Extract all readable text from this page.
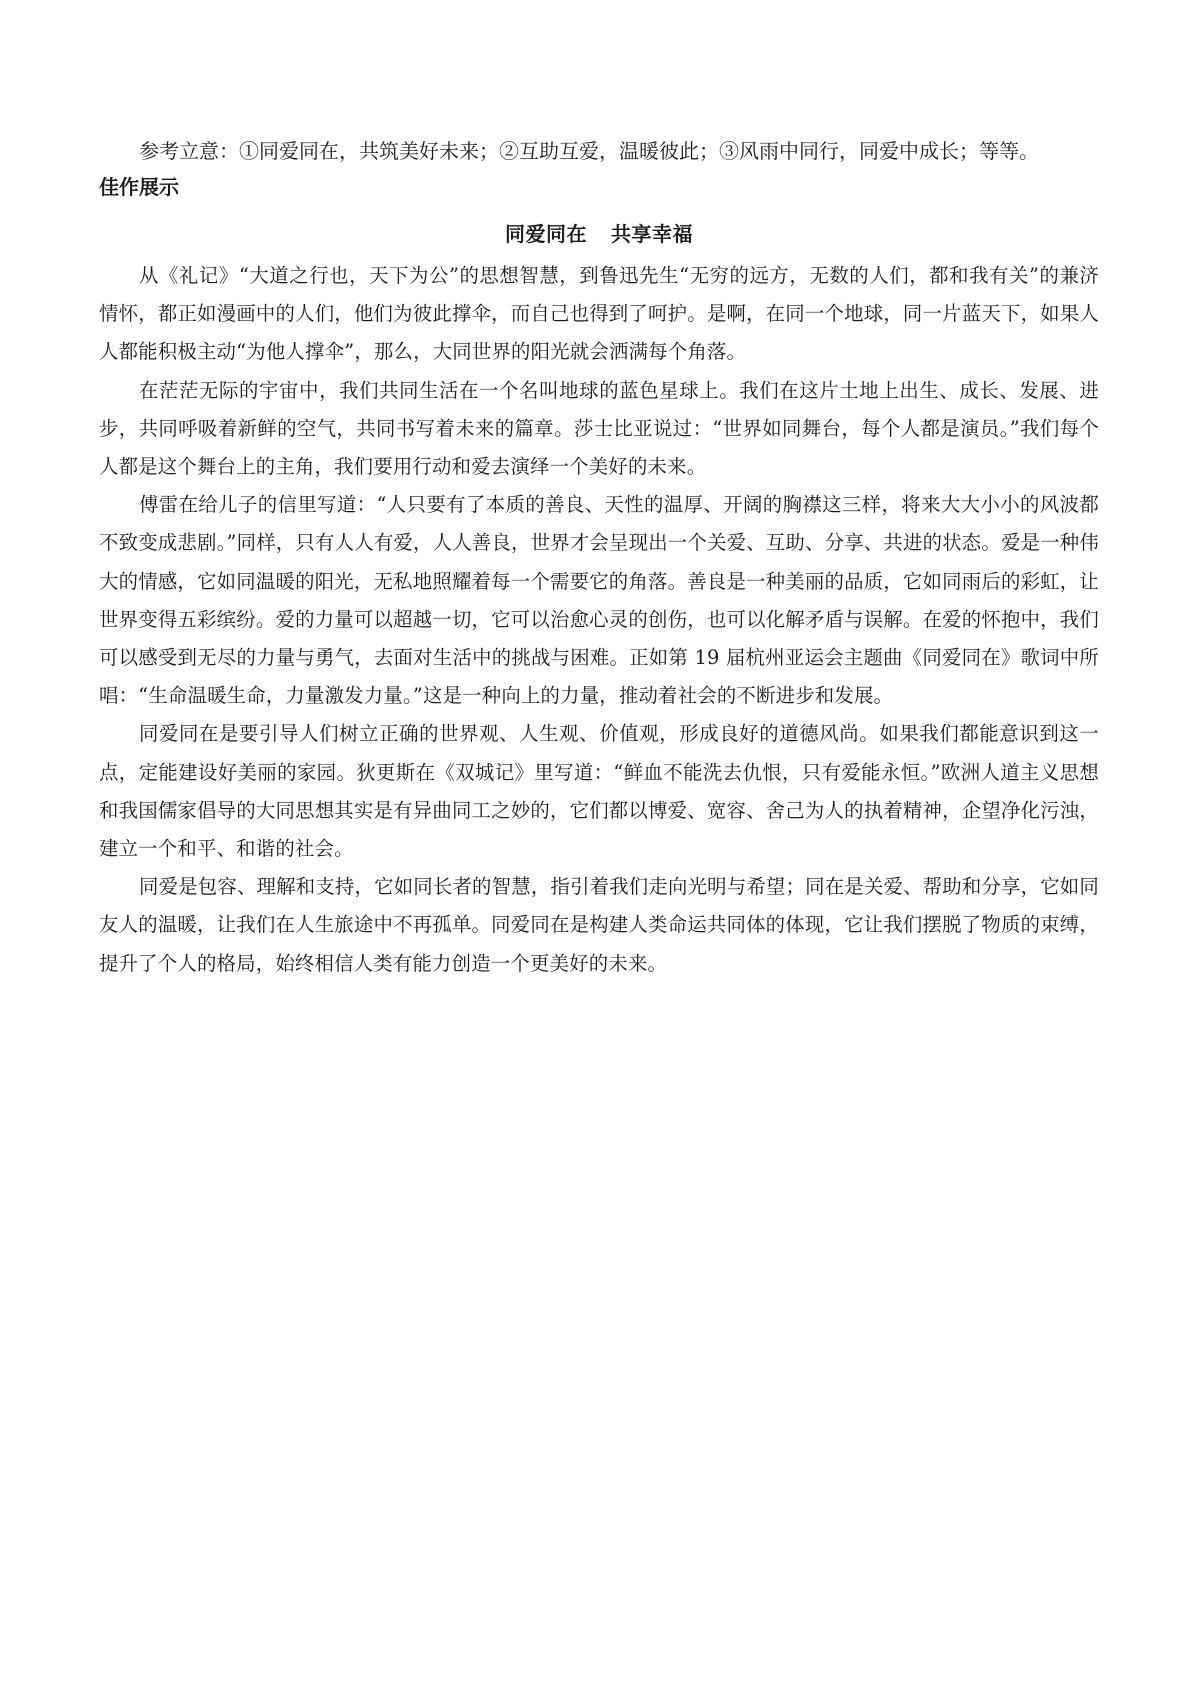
参考立意：①同爱同在，共筑美好未来；②互助互爱，温暖彼此；③风雨中同行，同爱中成长；等等。

佳作展示
同爱同在 共享幸福

从《礼记》“大道之行也，天下为公”的思想智慧，到鲁迅先生“无穷的远方，无数的人们，都和我有关”的兼济情怀，都正如漫画中的人们，他们为彼此撑伞，而自己也得到了呵护。是啊，在同一个地球，同一片蓝天下，如果人人都能积极主动“为他人撑伞”，那么，大同世界的阳光就会洒满每个角落。

在茫茫无际的宇宙中，我们共同生活在一个名叫地球的蓝色星球上。我们在这片土地上出生、成长、发展、进步，共同呼吸着新鲜的空气，共同书写着未来的篇章。莎士比亚说过：“世界如同舞台，每个人都是演员。”我们每个人都是这个舞台上的主角，我们要用行动和爱去演绎一个美好的未来。

傅雷在给儿子的信里写道：“人只要有了本质的善良、天性的温厚、开阔的胸襟这三样，将来大大小小的风波都不致变成悲剧。”同样，只有人人有爱，人人善良，世界才会呈现出一个关爱、互助、分享、共进的状态。爱是一种伟大的情感，它如同温暖的阳光，无私地照耀着每一个需要它的角落。善良是一种美丽的品质，它如同雨后的彩虹，让世界变得五彩缤纷。爱的力量可以超越一切，它可以治愈心灵的创伤，也可以化解矛盾与误解。在爱的怀抱中，我们可以感受到无尽的力量与勇气，去面对生活中的挑战与困难。正如第 19 届杭州亚运会主题曲《同爱同在》歌词中所唱：“生命温暖生命，力量激发力量。”这是一种向上的力量，推动着社会的不断进步和发展。

同爱同在是要引导人们树立正确的世界观、人生观、价值观，形成良好的道德风尚。如果我们都能意识到这一点，定能建设好美丽的家园。狄更斯在《双城记》里写道：“鲜血不能洗去仇恨，只有爱能永恒。”欧洲人道主义思想和我国儒家倡导的大同思想其实是有异曲同工之妙的，它们都以博爱、宽容、舍己为人的执着精神，企望净化污浊，建立一个和平、和谐的社会。

同爱是包容、理解和支持，它如同长者的智慧，指引着我们走向光明与希望；同在是关爱、帮助和分享，它如同友人的温暖，让我们在人生旅途中不再孤单。同爱同在是构建人类命运共同体的体现，它让我们摆脱了物质的束缚，提升了个人的格局，始终相信人类有能力创造一个更美好的未来。
